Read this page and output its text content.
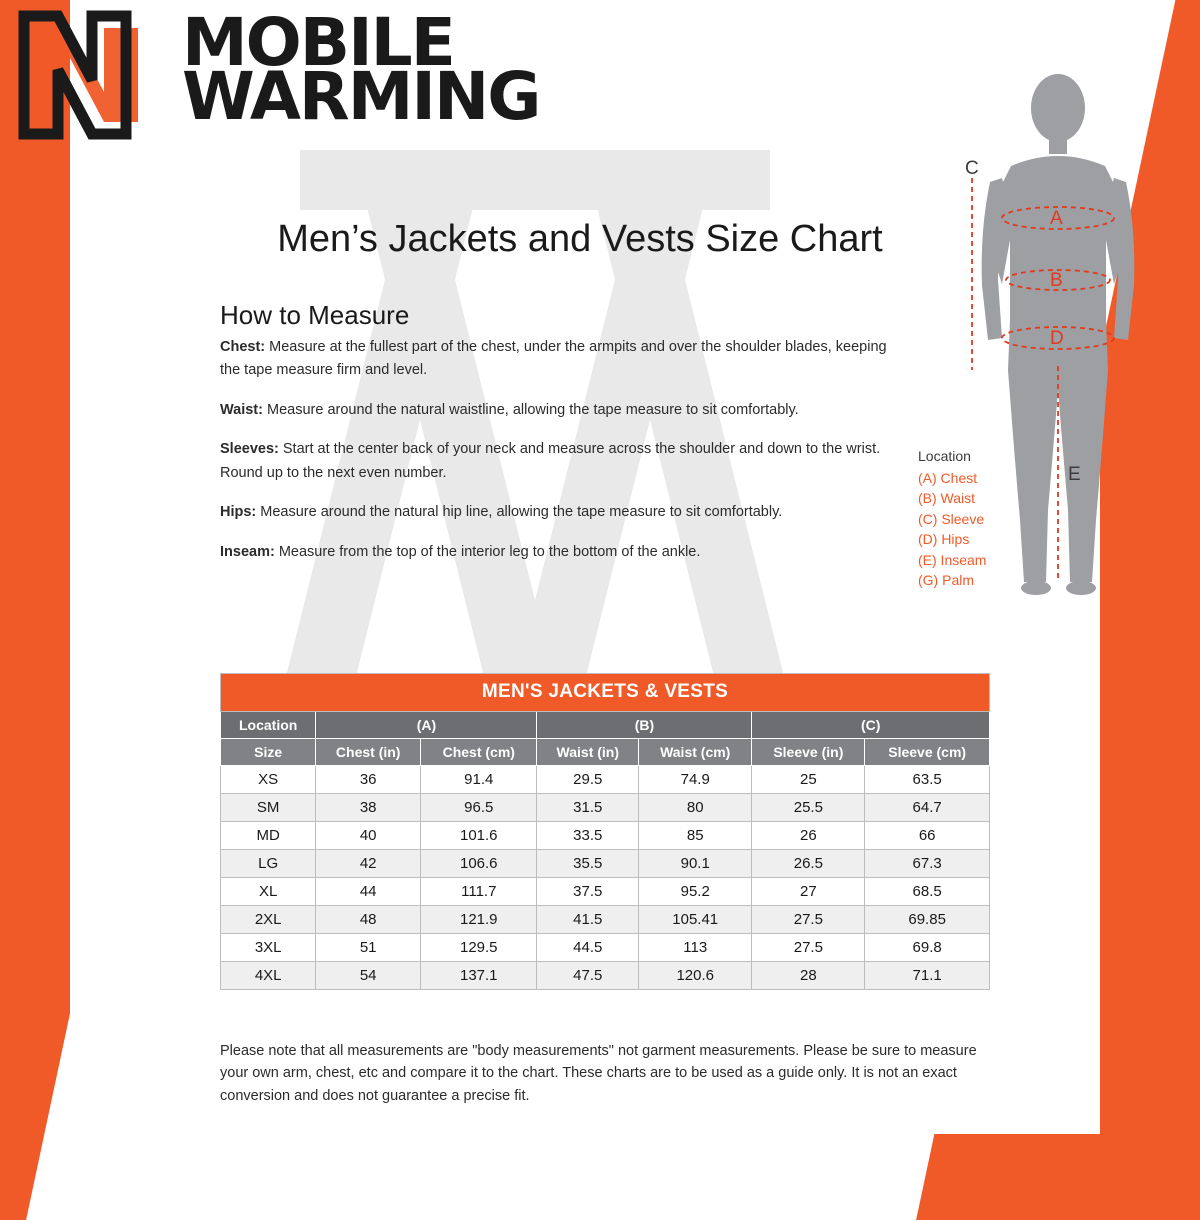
MOBILE
WARMING
Men’s Jackets and Vests Size Chart
How to Measure

Chest: Measure at the fullest part of the chest, under the armpits and over the shoulder blades, keeping the tape measure firm and level.

Waist: Measure around the natural waistline, allowing the tape measure to sit comfortably.

Sleeves: Start at the center back of your neck and measure across the shoulder and down to the wrist. Round up to the next even number.

Hips: Measure around the natural hip line, allowing the tape measure to sit comfortably.

Inseam: Measure from the top of the interior leg to the bottom of the ankle.

A
B
C
D
E
Location
(A) Chest
(B) Waist
(C) Sleeve
(D) Hips
(E) Inseam
(G) Palm
MEN'S JACKETS & VESTS						
Location	(A)		(B)		(C)	
Size	Chest (in)	Chest (cm)	Waist (in)	Waist (cm)	Sleeve (in)	Sleeve (cm)
XS	36	91.4	29.5	74.9	25	63.5
SM	38	96.5	31.5	80	25.5	64.7
MD	40	101.6	33.5	85	26	66
LG	42	106.6	35.5	90.1	26.5	67.3
XL	44	111.7	37.5	95.2	27	68.5
2XL	48	121.9	41.5	105.41	27.5	69.85
3XL	51	129.5	44.5	113	27.5	69.8
4XL	54	137.1	47.5	120.6	28	71.1
Please note that all measurements are "body measurements" not garment measurements. Please be sure to measure your own arm, chest, etc and compare it to the chart. These charts are to be used as a guide only. It is not an exact conversion and does not guarantee a precise fit.
